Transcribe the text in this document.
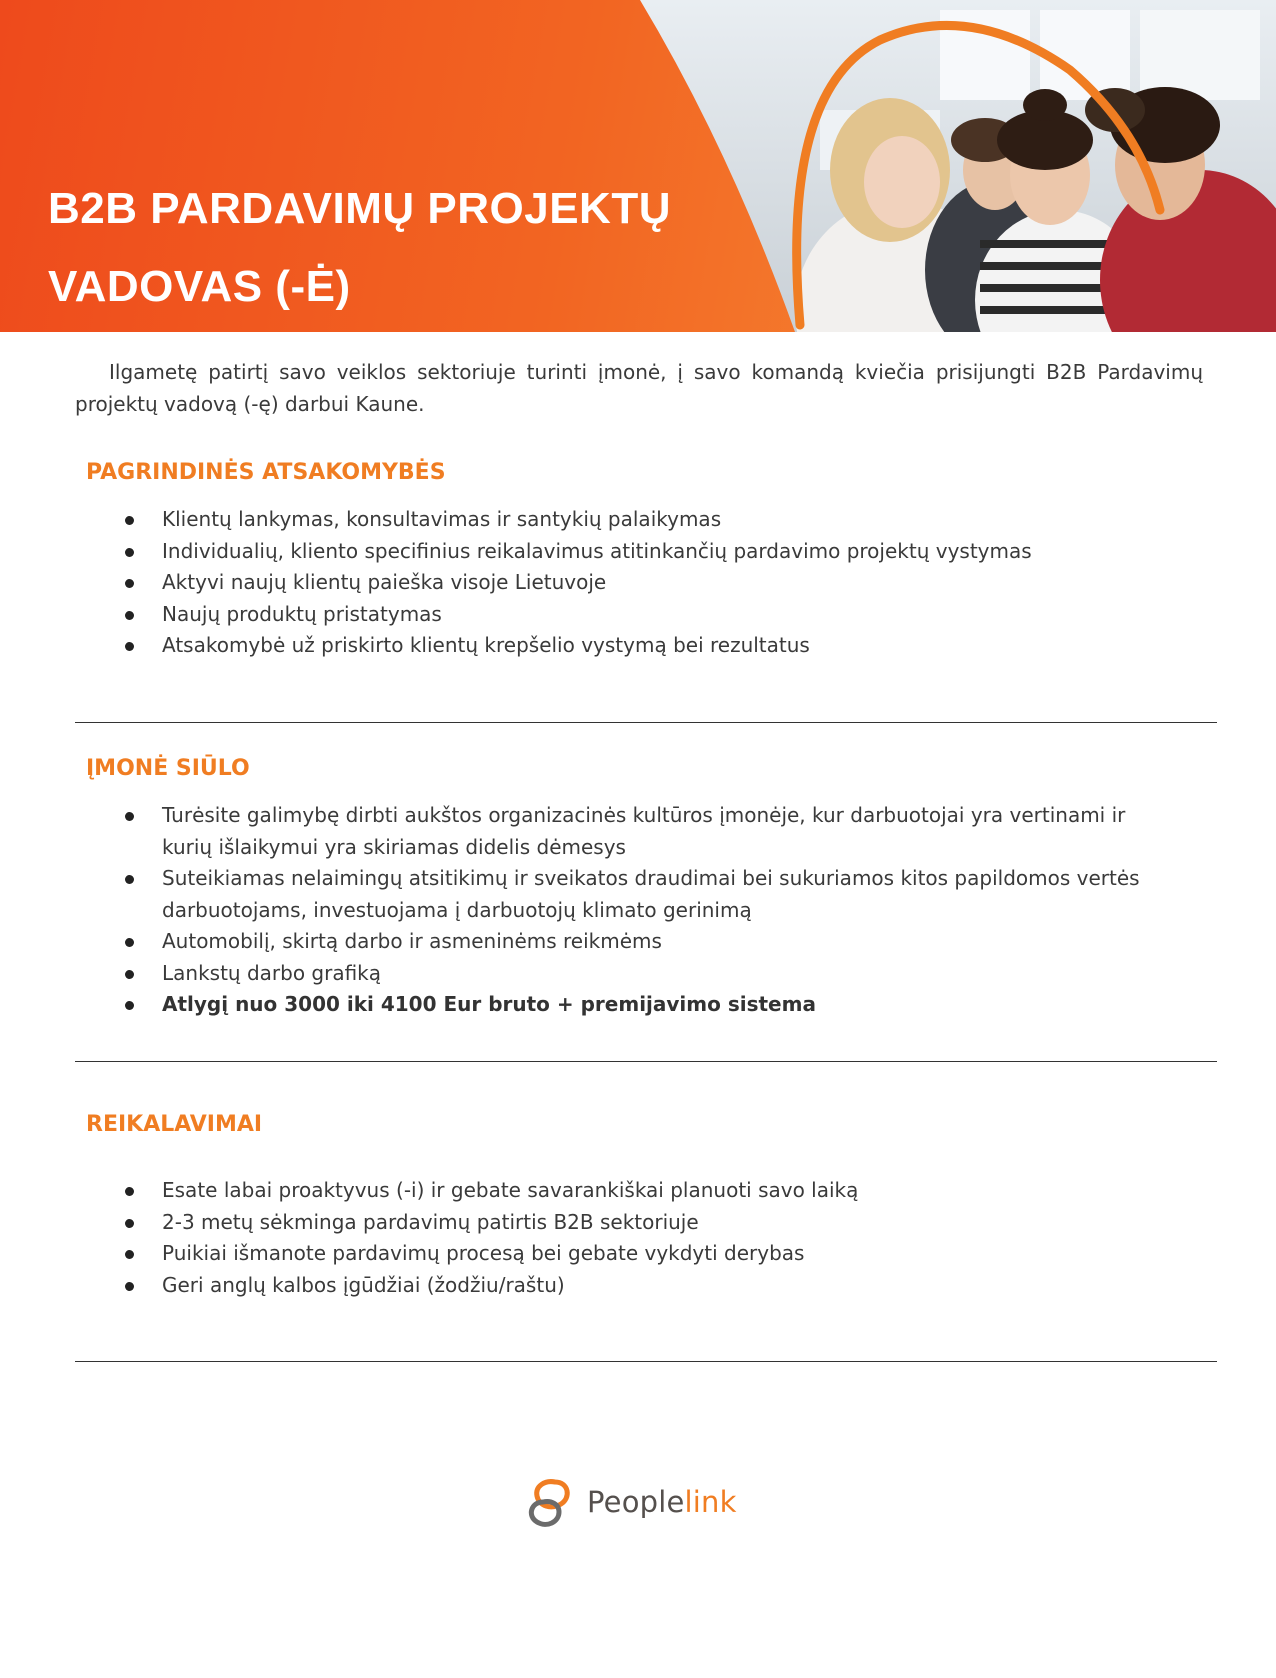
B2B PARDAVIMŲ PROJEKTŲ
VADOVAS (-Ė)

Ilgametę patirtį savo veiklos sektoriuje turinti įmonė, į savo komandą kviečia prisijungti B2B Pardavimų projektų vadovą (-ę) darbui Kaune.

PAGRINDINĖS ATSAKOMYBĖS
Klientų lankymas, konsultavimas ir santykių palaikymas
Individualių, kliento specifinius reikalavimus atitinkančių pardavimo projektų vystymas
Aktyvi naujų klientų paieška visoje Lietuvoje
Naujų produktų pristatymas
Atsakomybė už priskirto klientų krepšelio vystymą bei rezultatus
ĮMONĖ SIŪLO
Turėsite galimybę dirbti aukštos organizacinės kultūros įmonėje, kur darbuotojai yra vertinami ir kurių išlaikymui yra skiriamas didelis dėmesys
Suteikiamas nelaimingų atsitikimų ir sveikatos draudimai bei sukuriamos kitos papildomos vertės darbuotojams, investuojama į darbuotojų klimato gerinimą
Automobilį, skirtą darbo ir asmeninėms reikmėms
Lankstų darbo grafiką
Atlygį nuo 3000 iki 4100 Eur bruto + premijavimo sistema
REIKALAVIMAI
Esate labai proaktyvus (-i) ir gebate savarankiškai planuoti savo laiką
2-3 metų sėkminga pardavimų patirtis B2B sektoriuje
Puikiai išmanote pardavimų procesą bei gebate vykdyti derybas
Geri anglų kalbos įgūdžiai (žodžiu/raštu)
Peoplelink
